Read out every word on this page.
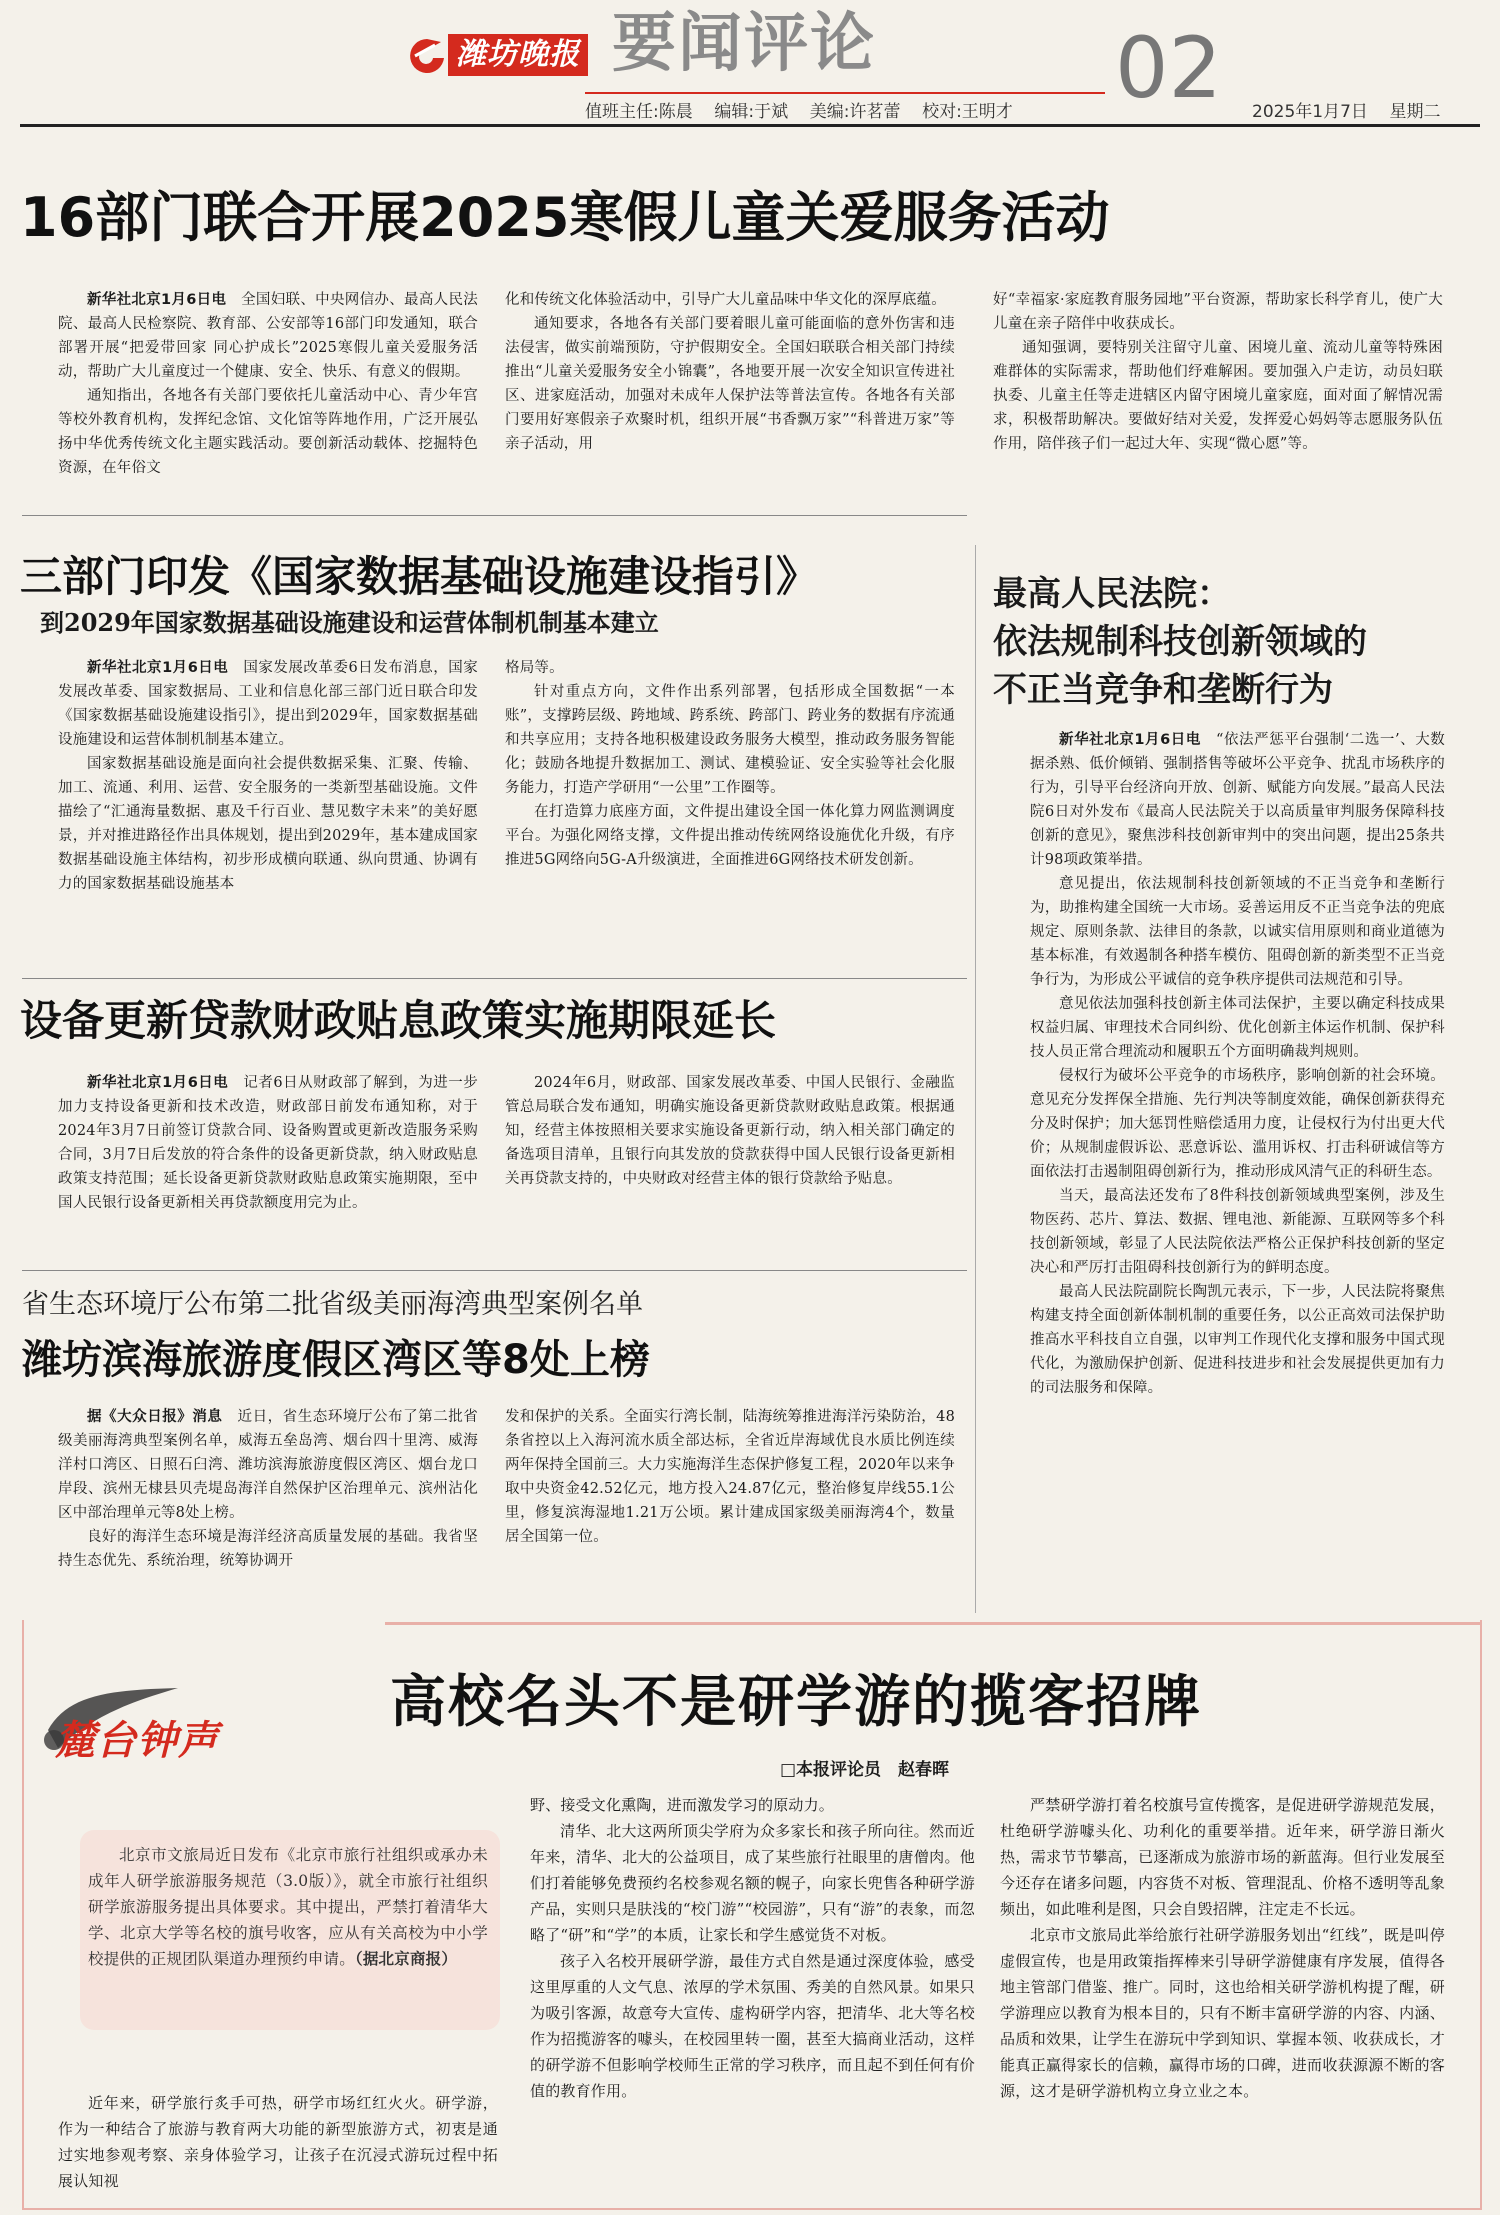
潍坊晚报 要闻评论	02
值班主任:陈晨 编辑:于斌 美编:许茗蕾 校对:王明才	2025年1月7日 星期二
16部门联合开展2025寒假儿童关爱服务活动

新华社北京1月6日电　 全国妇联、中央网信办、最高人民法院、最高人民检察院、教育部、公安部等16部门印发通知，联合部署开展“把爱带回家 同心护成长”2025寒假儿童关爱服务活动，帮助广大儿童度过一个健康、安全、快乐、有意义的假期。

通知指出，各地各有关部门要依托儿童活动中心、青少年宫等校外教育机构，发挥纪念馆、文化馆等阵地作用，广泛开展弘扬中华优秀传统文化主题实践活动。要创新活动载体、挖掘特色资源，在年俗文

化和传统文化体验活动中，引导广大儿童品味中华文化的深厚底蕴。

通知要求，各地各有关部门要着眼儿童可能面临的意外伤害和违法侵害，做实前端预防，守护假期安全。全国妇联联合相关部门持续推出“儿童关爱服务安全小锦囊”，各地要开展一次安全知识宣传进社区、进家庭活动，加强对未成年人保护法等普法宣传。各地各有关部门要用好寒假亲子欢聚时机，组织开展“书香飘万家”“科普进万家”等亲子活动，用

好“幸福家·家庭教育服务园地”平台资源，帮助家长科学育儿，使广大儿童在亲子陪伴中收获成长。

通知强调，要特别关注留守儿童、困境儿童、流动儿童等特殊困难群体的实际需求，帮助他们纾难解困。要加强入户走访，动员妇联执委、儿童主任等走进辖区内留守困境儿童家庭，面对面了解情况需求，积极帮助解决。要做好结对关爱，发挥爱心妈妈等志愿服务队伍作用，陪伴孩子们一起过大年、实现“微心愿”等。

三部门印发《国家数据基础设施建设指引》
到2029年国家数据基础设施建设和运营体制机制基本建立

新华社北京1月6日电　 国家发展改革委6日发布消息，国家发展改革委、国家数据局、工业和信息化部三部门近日联合印发《国家数据基础设施建设指引》，提出到2029年，国家数据基础设施建设和运营体制机制基本建立。

国家数据基础设施是面向社会提供数据采集、汇聚、传输、加工、流通、利用、运营、安全服务的一类新型基础设施。文件描绘了“汇通海量数据、惠及千行百业、慧见数字未来”的美好愿景，并对推进路径作出具体规划，提出到2029年，基本建成国家数据基础设施主体结构，初步形成横向联通、纵向贯通、协调有力的国家数据基础设施基本

格局等。

针对重点方向，文件作出系列部署，包括形成全国数据“一本账”，支撑跨层级、跨地域、跨系统、跨部门、跨业务的数据有序流通和共享应用；支持各地积极建设政务服务大模型，推动政务服务智能化；鼓励各地提升数据加工、测试、建模验证、安全实验等社会化服务能力，打造产学研用“一公里”工作圈等。

在打造算力底座方面，文件提出建设全国一体化算力网监测调度平台。为强化网络支撑，文件提出推动传统网络设施优化升级，有序推进5G网络向5G-A升级演进，全面推进6G网络技术研发创新。

设备更新贷款财政贴息政策实施期限延长

新华社北京1月6日电　 记者6日从财政部了解到，为进一步加力支持设备更新和技术改造，财政部日前发布通知称，对于2024年3月7日前签订贷款合同、设备购置或更新改造服务采购合同，3月7日后发放的符合条件的设备更新贷款，纳入财政贴息政策支持范围；延长设备更新贷款财政贴息政策实施期限，至中国人民银行设备更新相关再贷款额度用完为止。

2024年6月，财政部、国家发展改革委、中国人民银行、金融监管总局联合发布通知，明确实施设备更新贷款财政贴息政策。根据通知，经营主体按照相关要求实施设备更新行动，纳入相关部门确定的备选项目清单，且银行向其发放的贷款获得中国人民银行设备更新相关再贷款支持的，中央财政对经营主体的银行贷款给予贴息。

省生态环境厅公布第二批省级美丽海湾典型案例名单
潍坊滨海旅游度假区湾区等8处上榜

据《大众日报》消息　 近日，省生态环境厅公布了第二批省级美丽海湾典型案例名单，威海五垒岛湾、烟台四十里湾、威海洋村口湾区、日照石臼湾、潍坊滨海旅游度假区湾区、烟台龙口岸段、滨州无棣县贝壳堤岛海洋自然保护区治理单元、滨州沾化区中部治理单元等8处上榜。

良好的海洋生态环境是海洋经济高质量发展的基础。我省坚持生态优先、系统治理，统筹协调开

发和保护的关系。全面实行湾长制，陆海统筹推进海洋污染防治，48条省控以上入海河流水质全部达标，全省近岸海域优良水质比例连续两年保持全国前三。大力实施海洋生态保护修复工程，2020年以来争取中央资金42.52亿元，地方投入24.87亿元，整治修复岸线55.1公里，修复滨海湿地1.21万公顷。累计建成国家级美丽海湾4个，数量居全国第一位。

最高人民法院：
依法规制科技创新领域的
不正当竞争和垄断行为

新华社北京1月6日电　 “依法严惩平台强制‘二选一’、大数据杀熟、低价倾销、强制搭售等破坏公平竞争、扰乱市场秩序的行为，引导平台经济向开放、创新、赋能方向发展。”最高人民法院6日对外发布《最高人民法院关于以高质量审判服务保障科技创新的意见》，聚焦涉科技创新审判中的突出问题，提出25条共计98项政策举措。

意见提出，依法规制科技创新领域的不正当竞争和垄断行为，助推构建全国统一大市场。妥善运用反不正当竞争法的兜底规定、原则条款、法律目的条款，以诚实信用原则和商业道德为基本标准，有效遏制各种搭车模仿、阻碍创新的新类型不正当竞争行为，为形成公平诚信的竞争秩序提供司法规范和引导。

意见依法加强科技创新主体司法保护，主要以确定科技成果权益归属、审理技术合同纠纷、优化创新主体运作机制、保护科技人员正常合理流动和履职五个方面明确裁判规则。

侵权行为破坏公平竞争的市场秩序，影响创新的社会环境。意见充分发挥保全措施、先行判决等制度效能，确保创新获得充分及时保护；加大惩罚性赔偿适用力度，让侵权行为付出更大代价；从规制虚假诉讼、恶意诉讼、滥用诉权、打击科研诚信等方面依法打击遏制阻碍创新行为，推动形成风清气正的科研生态。

当天，最高法还发布了8件科技创新领域典型案例，涉及生物医药、芯片、算法、数据、锂电池、新能源、互联网等多个科技创新领域，彰显了人民法院依法严格公正保护科技创新的坚定决心和严厉打击阻碍科技创新行为的鲜明态度。

最高人民法院副院长陶凯元表示，下一步，人民法院将聚焦构建支持全面创新体制机制的重要任务，以公正高效司法保护助推高水平科技自立自强，以审判工作现代化支撑和服务中国式现代化，为激励保护创新、促进科技进步和社会发展提供更加有力的司法服务和保障。

麓台钟声
高校名头不是研学游的揽客招牌
□本报评论员　赵春晖

北京市文旅局近日发布《北京市旅行社组织或承办未成年人研学旅游服务规范（3.0版）》，就全市旅行社组织研学旅游服务提出具体要求。其中提出，严禁打着清华大学、北京大学等名校的旗号收客，应从有关高校为中小学校提供的正规团队渠道办理预约申请。（据北京商报）

近年来，研学旅行炙手可热，研学市场红红火火。研学游，作为一种结合了旅游与教育两大功能的新型旅游方式，初衷是通过实地参观考察、亲身体验学习，让孩子在沉浸式游玩过程中拓展认知视

野、接受文化熏陶，进而激发学习的原动力。

清华、北大这两所顶尖学府为众多家长和孩子所向往。然而近年来，清华、北大的公益项目，成了某些旅行社眼里的唐僧肉。他们打着能够免费预约名校参观名额的幌子，向家长兜售各种研学游产品，实则只是肤浅的“校门游”“校园游”，只有“游”的表象，而忽略了“研”和“学”的本质，让家长和学生感觉货不对板。

孩子入名校开展研学游，最佳方式自然是通过深度体验，感受这里厚重的人文气息、浓厚的学术氛围、秀美的自然风景。如果只为吸引客源，故意夸大宣传、虚构研学内容，把清华、北大等名校作为招揽游客的噱头，在校园里转一圈，甚至大搞商业活动，这样的研学游不但影响学校师生正常的学习秩序，而且起不到任何有价值的教育作用。

严禁研学游打着名校旗号宣传揽客，是促进研学游规范发展，杜绝研学游噱头化、功利化的重要举措。近年来，研学游日渐火热，需求节节攀高，已逐渐成为旅游市场的新蓝海。但行业发展至今还存在诸多问题，内容货不对板、管理混乱、价格不透明等乱象频出，如此唯利是图，只会自毁招牌，注定走不长远。

北京市文旅局此举给旅行社研学游服务划出“红线”，既是叫停虚假宣传，也是用政策指挥棒来引导研学游健康有序发展，值得各地主管部门借鉴、推广。同时，这也给相关研学游机构提了醒，研学游理应以教育为根本目的，只有不断丰富研学游的内容、内涵、品质和效果，让学生在游玩中学到知识、掌握本领、收获成长，才能真正赢得家长的信赖，赢得市场的口碑，进而收获源源不断的客源，这才是研学游机构立身立业之本。
